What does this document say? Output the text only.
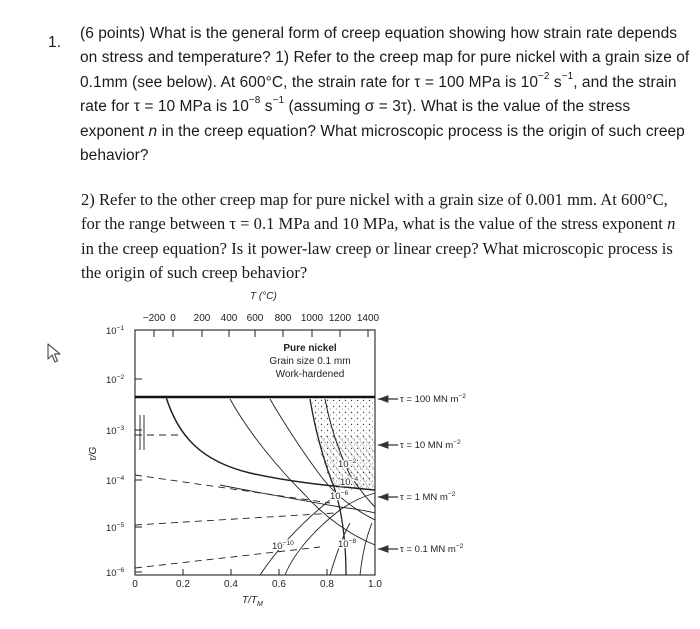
1.

(6 points) What is the general form of creep equation showing how strain rate depends on stress and temperature? 1) Refer to the creep map for pure nickel with a grain size of 0.1mm (see below). At 600°C, the strain rate for τ = 100 MPa is $10^{-2}$ $s^{-1}$, and the strain rate for τ = 10 MPa is $10^{-8}$ $s^{-1}$ (assuming σ = 3τ). What is the value of the stress exponent n in the creep equation? What microscopic process is the origin of such creep behavior?

2) Refer to the other creep map for pure nickel with a grain size of 0.001 mm. At 600°C, for the range between τ = 0.1 MPa and 10 MPa, what is the value of the stress exponent n in the creep equation? Is it power-law creep or linear creep? What microscopic process is the origin of such creep behavior?

T (°C)
−200 0 200 400 600 800 1000 1200 1400
$10^{-1}$
$10^{-2}$
$10^{-3}$
$10^{-4}$
$10^{-5}$
$10^{-6}$
τ/G
Pure nickel
Grain size 0.1 mm
Work-hardened
τ = 100 MN $m^{-2}$
τ = 10 MN $m^{-2}$
τ = 1 MN $m^{-2}$
τ = 0.1 MN $m^{-2}$
$10^{-2}$
$10^{-4}$
$10^{-6}$
$10^{-8}$
$10^{-10}$
0	0.2	0.4	0.6	0.8	1.0
$T/T_M$
